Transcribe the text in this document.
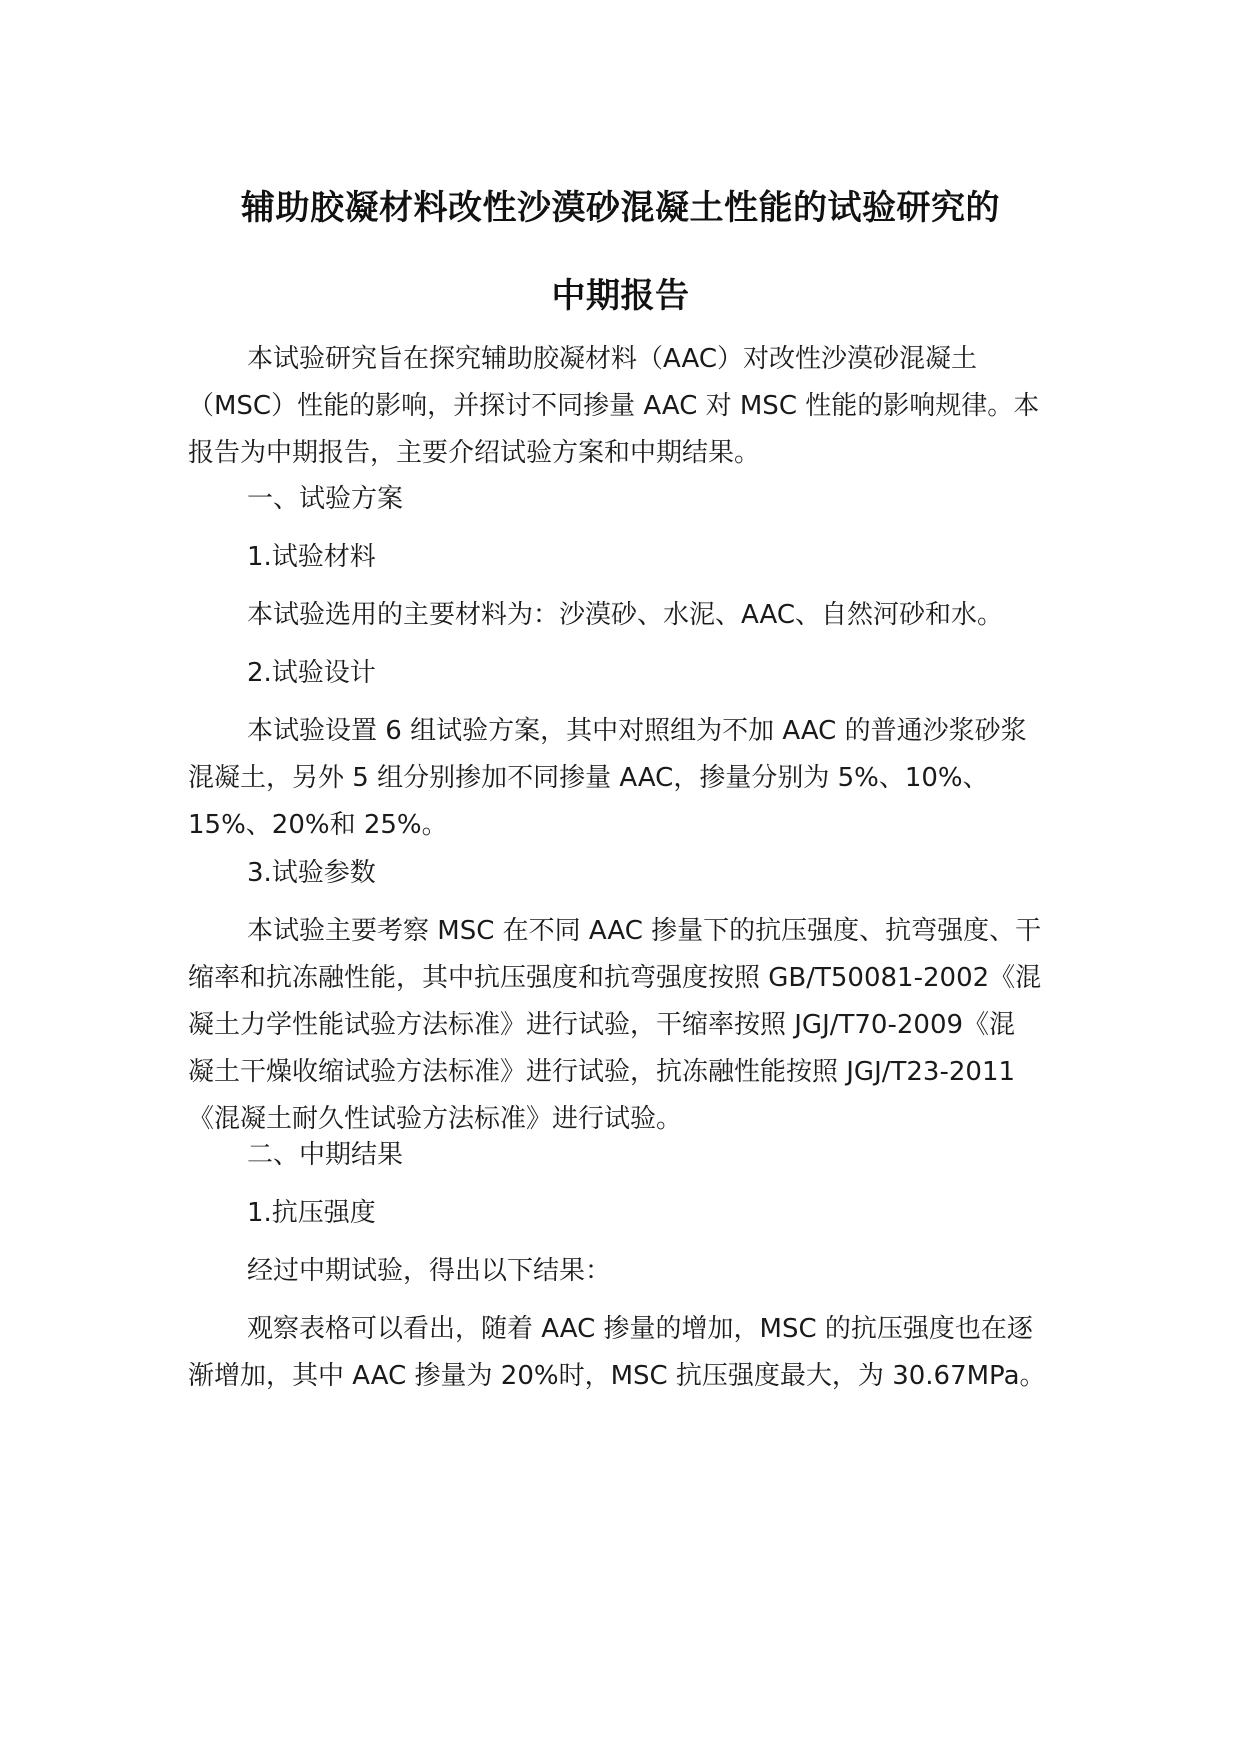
辅助胶凝材料改性沙漠砂混凝土性能的试验研究的
中期报告
本试验研究旨在探究辅助胶凝材料（AAC）对改性沙漠砂混凝土
（MSC）性能的影响，并探讨不同掺量 AAC 对 MSC 性能的影响规律。本
报告为中期报告，主要介绍试验方案和中期结果。
一、试验方案
1.试验材料
本试验选用的主要材料为：沙漠砂、水泥、AAC、自然河砂和水。
2.试验设计
本试验设置 6 组试验方案，其中对照组为不加 AAC 的普通沙浆砂浆
混凝土，另外 5 组分别掺加不同掺量 AAC，掺量分别为 5%、10%、
15%、20%和 25%。
3.试验参数
本试验主要考察 MSC 在不同 AAC 掺量下的抗压强度、抗弯强度、干
缩率和抗冻融性能，其中抗压强度和抗弯强度按照 GB/T50081-2002《混
凝土力学性能试验方法标准》进行试验，干缩率按照 JGJ/T70-2009《混
凝土干燥收缩试验方法标准》进行试验，抗冻融性能按照 JGJ/T23-2011
《混凝土耐久性试验方法标准》进行试验。
二、中期结果
1.抗压强度
经过中期试验，得出以下结果：
观察表格可以看出，随着 AAC 掺量的增加，MSC 的抗压强度也在逐
渐增加，其中 AAC 掺量为 20%时，MSC 抗压强度最大，为 30.67MPa。
